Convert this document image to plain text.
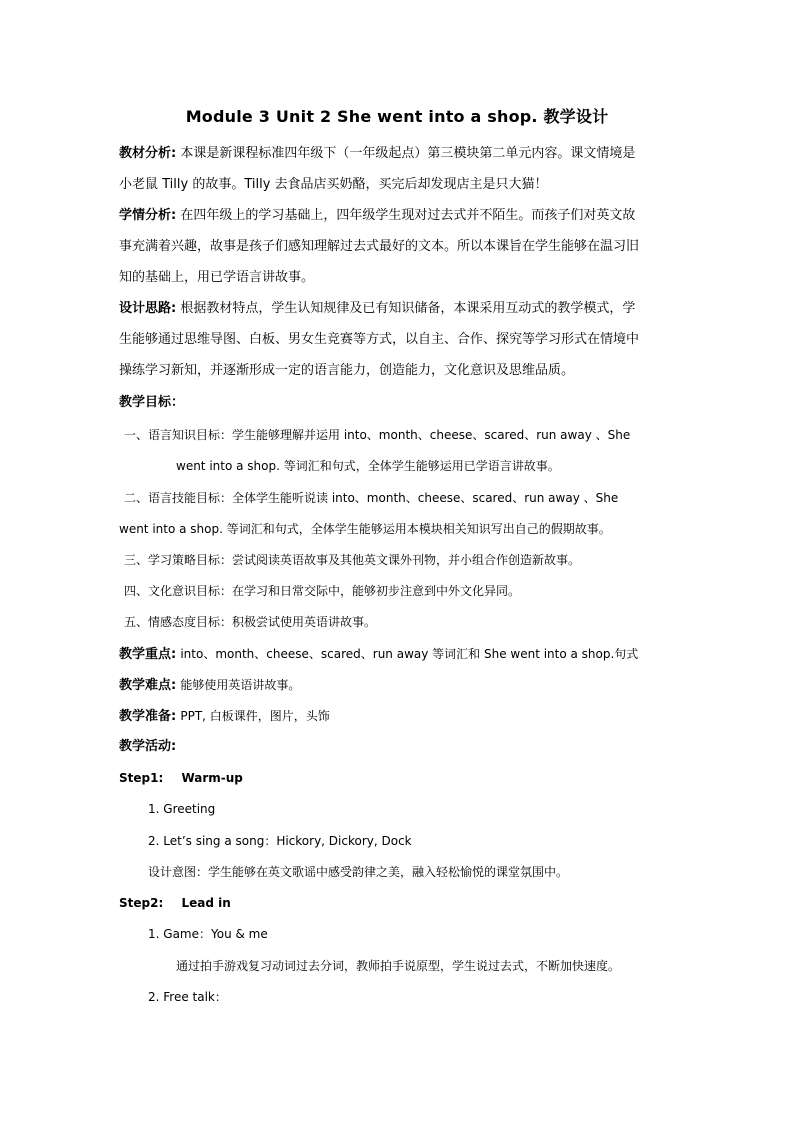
Module 3 Unit 2 She went into a shop. 教学设计
教材分析: 本课是新课程标准四年级下（一年级起点）第三模块第二单元内容。课文情境是
小老鼠 Tilly 的故事。Tilly 去食品店买奶酪，买完后却发现店主是只大猫！
学情分析: 在四年级上的学习基础上，四年级学生现对过去式并不陌生。而孩子们对英文故
事充满着兴趣，故事是孩子们感知理解过去式最好的文本。所以本课旨在学生能够在温习旧
知的基础上，用已学语言讲故事。
设计思路: 根据教材特点，学生认知规律及已有知识储备，本课采用互动式的教学模式，学
生能够通过思维导图、白板、男女生竞赛等方式，以自主、合作、探究等学习形式在情境中
操练学习新知，并逐渐形成一定的语言能力，创造能力，文化意识及思维品质。
教学目标：
一、语言知识目标：学生能够理解并运用 into、month、cheese、scared、run away 、She
went into a shop. 等词汇和句式，全体学生能够运用已学语言讲故事。
二、语言技能目标：全体学生能听说读 into、month、cheese、scared、run away 、She
went into a shop. 等词汇和句式，全体学生能够运用本模块相关知识写出自己的假期故事。
三、学习策略目标：尝试阅读英语故事及其他英文课外刊物，并小组合作创造新故事。
四、文化意识目标：在学习和日常交际中，能够初步注意到中外文化异同。
五、情感态度目标：积极尝试使用英语讲故事。
教学重点: into、month、cheese、scared、run away 等词汇和 She went into a shop.句式
教学难点: 能够使用英语讲故事。
教学准备: PPT, 白板课件，图片，头饰
教学活动:
Step1: Warm-up
1. Greeting
2. Let’s sing a song：Hickory, Dickory, Dock
设计意图：学生能够在英文歌谣中感受韵律之美，融入轻松愉悦的课堂氛围中。
Step2: Lead in
1. Game：You & me
通过拍手游戏复习动词过去分词，教师拍手说原型，学生说过去式，不断加快速度。
2. Free talk：
